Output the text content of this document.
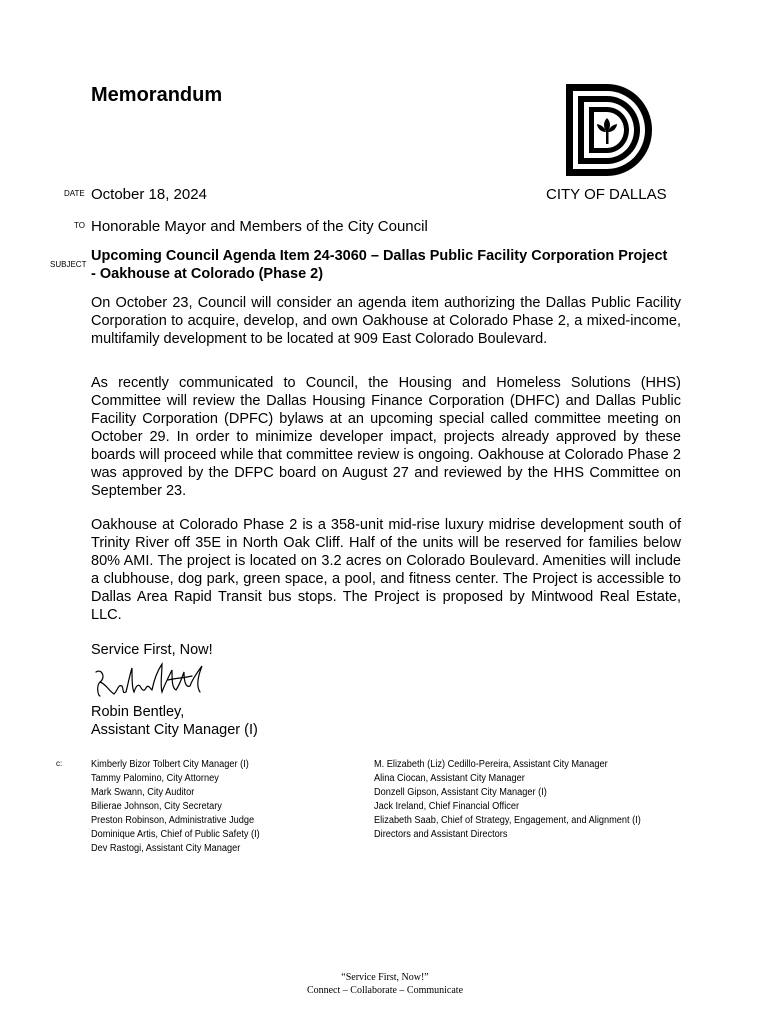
Memorandum
DATE October 18, 2024	CITY OF DALLAS
TO Honorable Mayor and Members of the City Council
SUBJECT
Upcoming Council Agenda Item 24-3060 – Dallas Public Facility Corporation Project - Oakhouse at Colorado (Phase 2)
On October 23, Council will consider an agenda item authorizing the Dallas Public Facility Corporation to acquire, develop, and own Oakhouse at Colorado Phase 2, a mixed-income, multifamily development to be located at 909 East Colorado Boulevard.
As recently communicated to Council, the Housing and Homeless Solutions (HHS) Committee will review the Dallas Housing Finance Corporation (DHFC) and Dallas Public Facility Corporation (DPFC) bylaws at an upcoming special called committee meeting on October 29. In order to minimize developer impact, projects already approved by these boards will proceed while that committee review is ongoing. Oakhouse at Colorado Phase 2 was approved by the DFPC board on August 27 and reviewed by the HHS Committee on September 23.
Oakhouse at Colorado Phase 2 is a 358-unit mid-rise luxury midrise development south of Trinity River off 35E in North Oak Cliff. Half of the units will be reserved for families below 80% AMI. The project is located on 3.2 acres on Colorado Boulevard. Amenities will include a clubhouse, dog park, green space, a pool, and fitness center. The Project is accessible to Dallas Area Rapid Transit bus stops. The Project is proposed by Mintwood Real Estate, LLC.
Service First, Now!
Robin Bentley,
Assistant City Manager (I)
c:	Kimberly Bizor Tolbert City Manager (I)
Tammy Palomino, City Attorney
Mark Swann, City Auditor
Bilierae Johnson, City Secretary
Preston Robinson, Administrative Judge
Dominique Artis, Chief of Public Safety (I)
Dev Rastogi, Assistant City Manager
M. Elizabeth (Liz) Cedillo-Pereira, Assistant City Manager
Alina Ciocan, Assistant City Manager
Donzell Gipson, Assistant City Manager (I)
Jack Ireland, Chief Financial Officer
Elizabeth Saab, Chief of Strategy, Engagement, and Alignment (I)
Directors and Assistant Directors
“Service First, Now!”
Connect – Collaborate – Communicate
